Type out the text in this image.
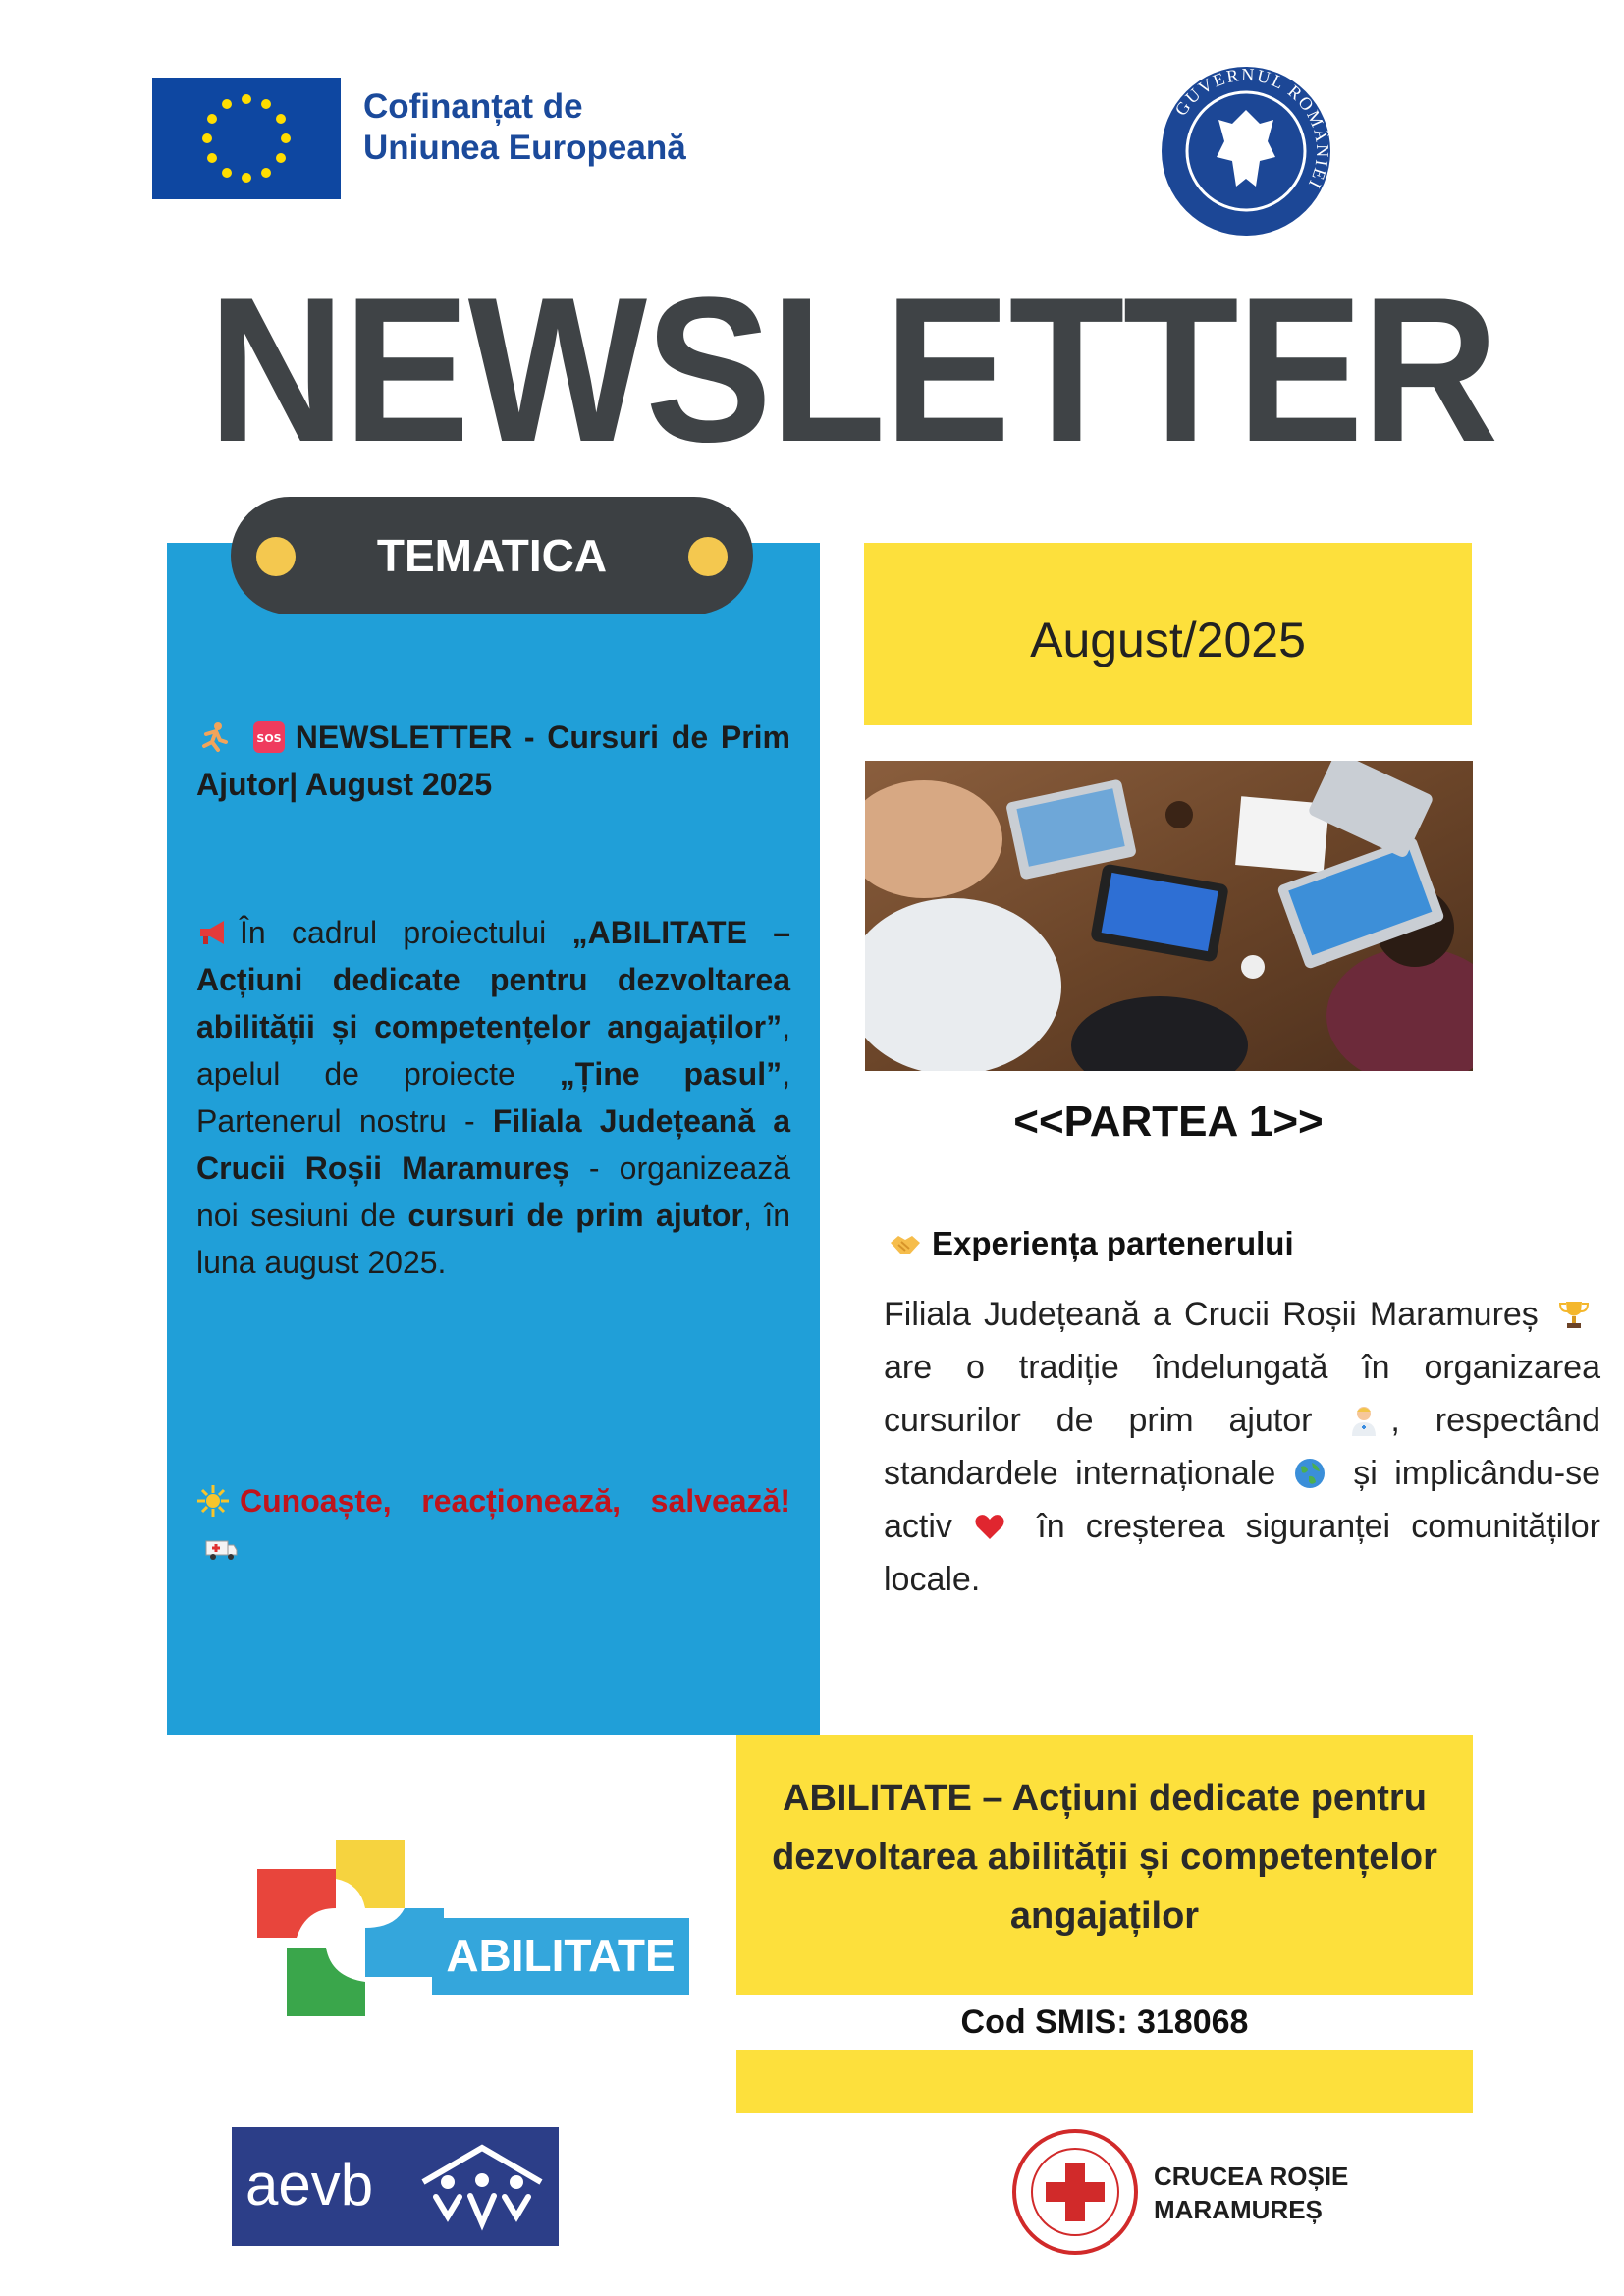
Cofinanțat de
Uniunea Europeană
GUVERNUL ROMÂNIEI
NEWSLETTER
TEMATICA

SOS NEWSLETTER - Cursuri de Prim Ajutor| August 2025
În cadrul proiectului „ABILITATE – Acțiuni dedicate pentru dezvoltarea abilității și competențelor angajaților”, apelul de proiecte „Ține pasul”, Partenerul nostru - Filiala Județeană a Crucii Roșii Maramureș - organizează noi sesiuni de cursuri de prim ajutor, în luna august 2025.
Cunoaște, reacționează, salvează!
August/2025
<<PARTEA 1>>
Experiența partenerului
Filiala Județeană a Crucii Roșii Maramureș  are o tradiție îndelungată în organizarea cursurilor de prim ajutor , respectând standardele internaționale  și implicându-se activ  în creșterea siguranței comunităților locale.
ABILITATE – Acțiuni dedicate pentru dezvoltarea abilității și competențelor angajaților
Cod SMIS: 318068
ABILITATE
aevb	CRUCEA ROȘIE
MARAMUREȘ
